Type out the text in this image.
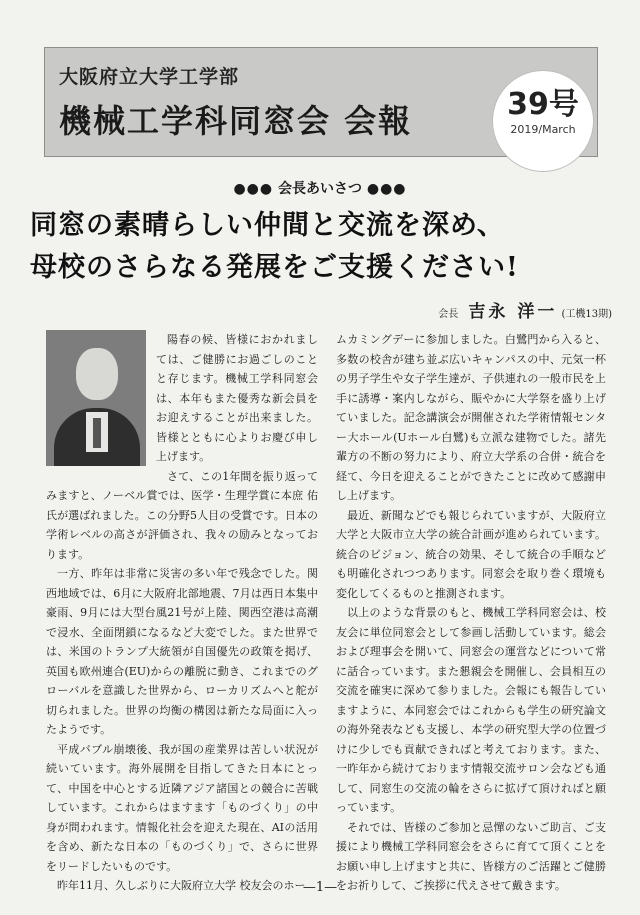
大阪府立大学工学部
機械工学科同窓会 会報	39号
2019/March
●●● 会長あいさつ ●●●
同窓の素晴らしい仲間と交流を深め、
母校のさらなる発展をご支援ください!
会長 吉永 洋一 (工機13期)

陽春の候、皆様におかれましては、ご健勝にお過ごしのことと存じます。機械工学科同窓会は、本年もまた優秀な新会員をお迎えすることが出来ました。皆様とともに心よりお慶び申し上げます。

さて、この1年間を振り返ってみますと、ノーベル賞では、医学・生理学賞に本庶 佑氏が選ばれました。この分野5人目の受賞です。日本の学術レベルの高さが評価され、我々の励みとなっております。

一方、昨年は非常に災害の多い年で残念でした。関西地域では、6月に大阪府北部地震、7月は西日本集中豪雨、9月には大型台風21号が上陸、関西空港は高潮で浸水、全面閉鎖になるなど大変でした。また世界では、米国のトランプ大統領が自国優先の政策を掲げ、英国も欧州連合(EU)からの離脱に動き、これまでのグローバルを意識した世界から、ローカリズムへと舵が切られました。世界の均衡の構図は新たな局面に入ったようです。

平成バブル崩壊後、我が国の産業界は苦しい状況が続いています。海外展開を目指してきた日本にとって、中国を中心とする近隣アジア諸国との競合に苦戦しています。これからはますます「ものづくり」の中身が問われます。情報化社会を迎えた現在、AIの活用を含め、新たな日本の「ものづくり」で、さらに世界をリードしたいものです。

昨年11月、久しぶりに大阪府立大学 校友会のホー

ムカミングデーに参加しました。白鷺門から入ると、多数の校舎が建ち並ぶ広いキャンパスの中、元気一杯の男子学生や女子学生達が、子供連れの一般市民を上手に誘導・案内しながら、賑やかに大学祭を盛り上げていました。記念講演会が開催された学術情報センター大ホール(Uホール白鷺)も立派な建物でした。諸先輩方の不断の努力により、府立大学系の合併・統合を経て、今日を迎えることができたことに改めて感謝申し上げます。

最近、新聞などでも報じられていますが、大阪府立大学と大阪市立大学の統合計画が進められています。統合のビジョン、統合の効果、そして統合の手順なども明確化されつつあります。同窓会を取り巻く環境も変化してくるものと推測されます。

以上のような背景のもと、機械工学科同窓会は、校友会に単位同窓会として参画し活動しています。総会および理事会を開いて、同窓会の運営などについて常に話合っています。また懇親会を開催し、会員相互の交流を確実に深めて参りました。会報にも報告していますように、本同窓会ではこれからも学生の研究論文の海外発表なども支援し、本学の研究型大学の位置づけに少しでも貢献できればと考えております。また、一昨年から続けております情報交流サロン会なども通して、同窓生の交流の輪をさらに拡げて頂ければと願っています。

それでは、皆様のご参加と忌憚のないご助言、ご支援により機械工学科同窓会をさらに育てて頂くことをお願い申し上げますと共に、皆様方のご活躍とご健勝をお祈りして、ご挨拶に代えさせて戴きます。

—1—
